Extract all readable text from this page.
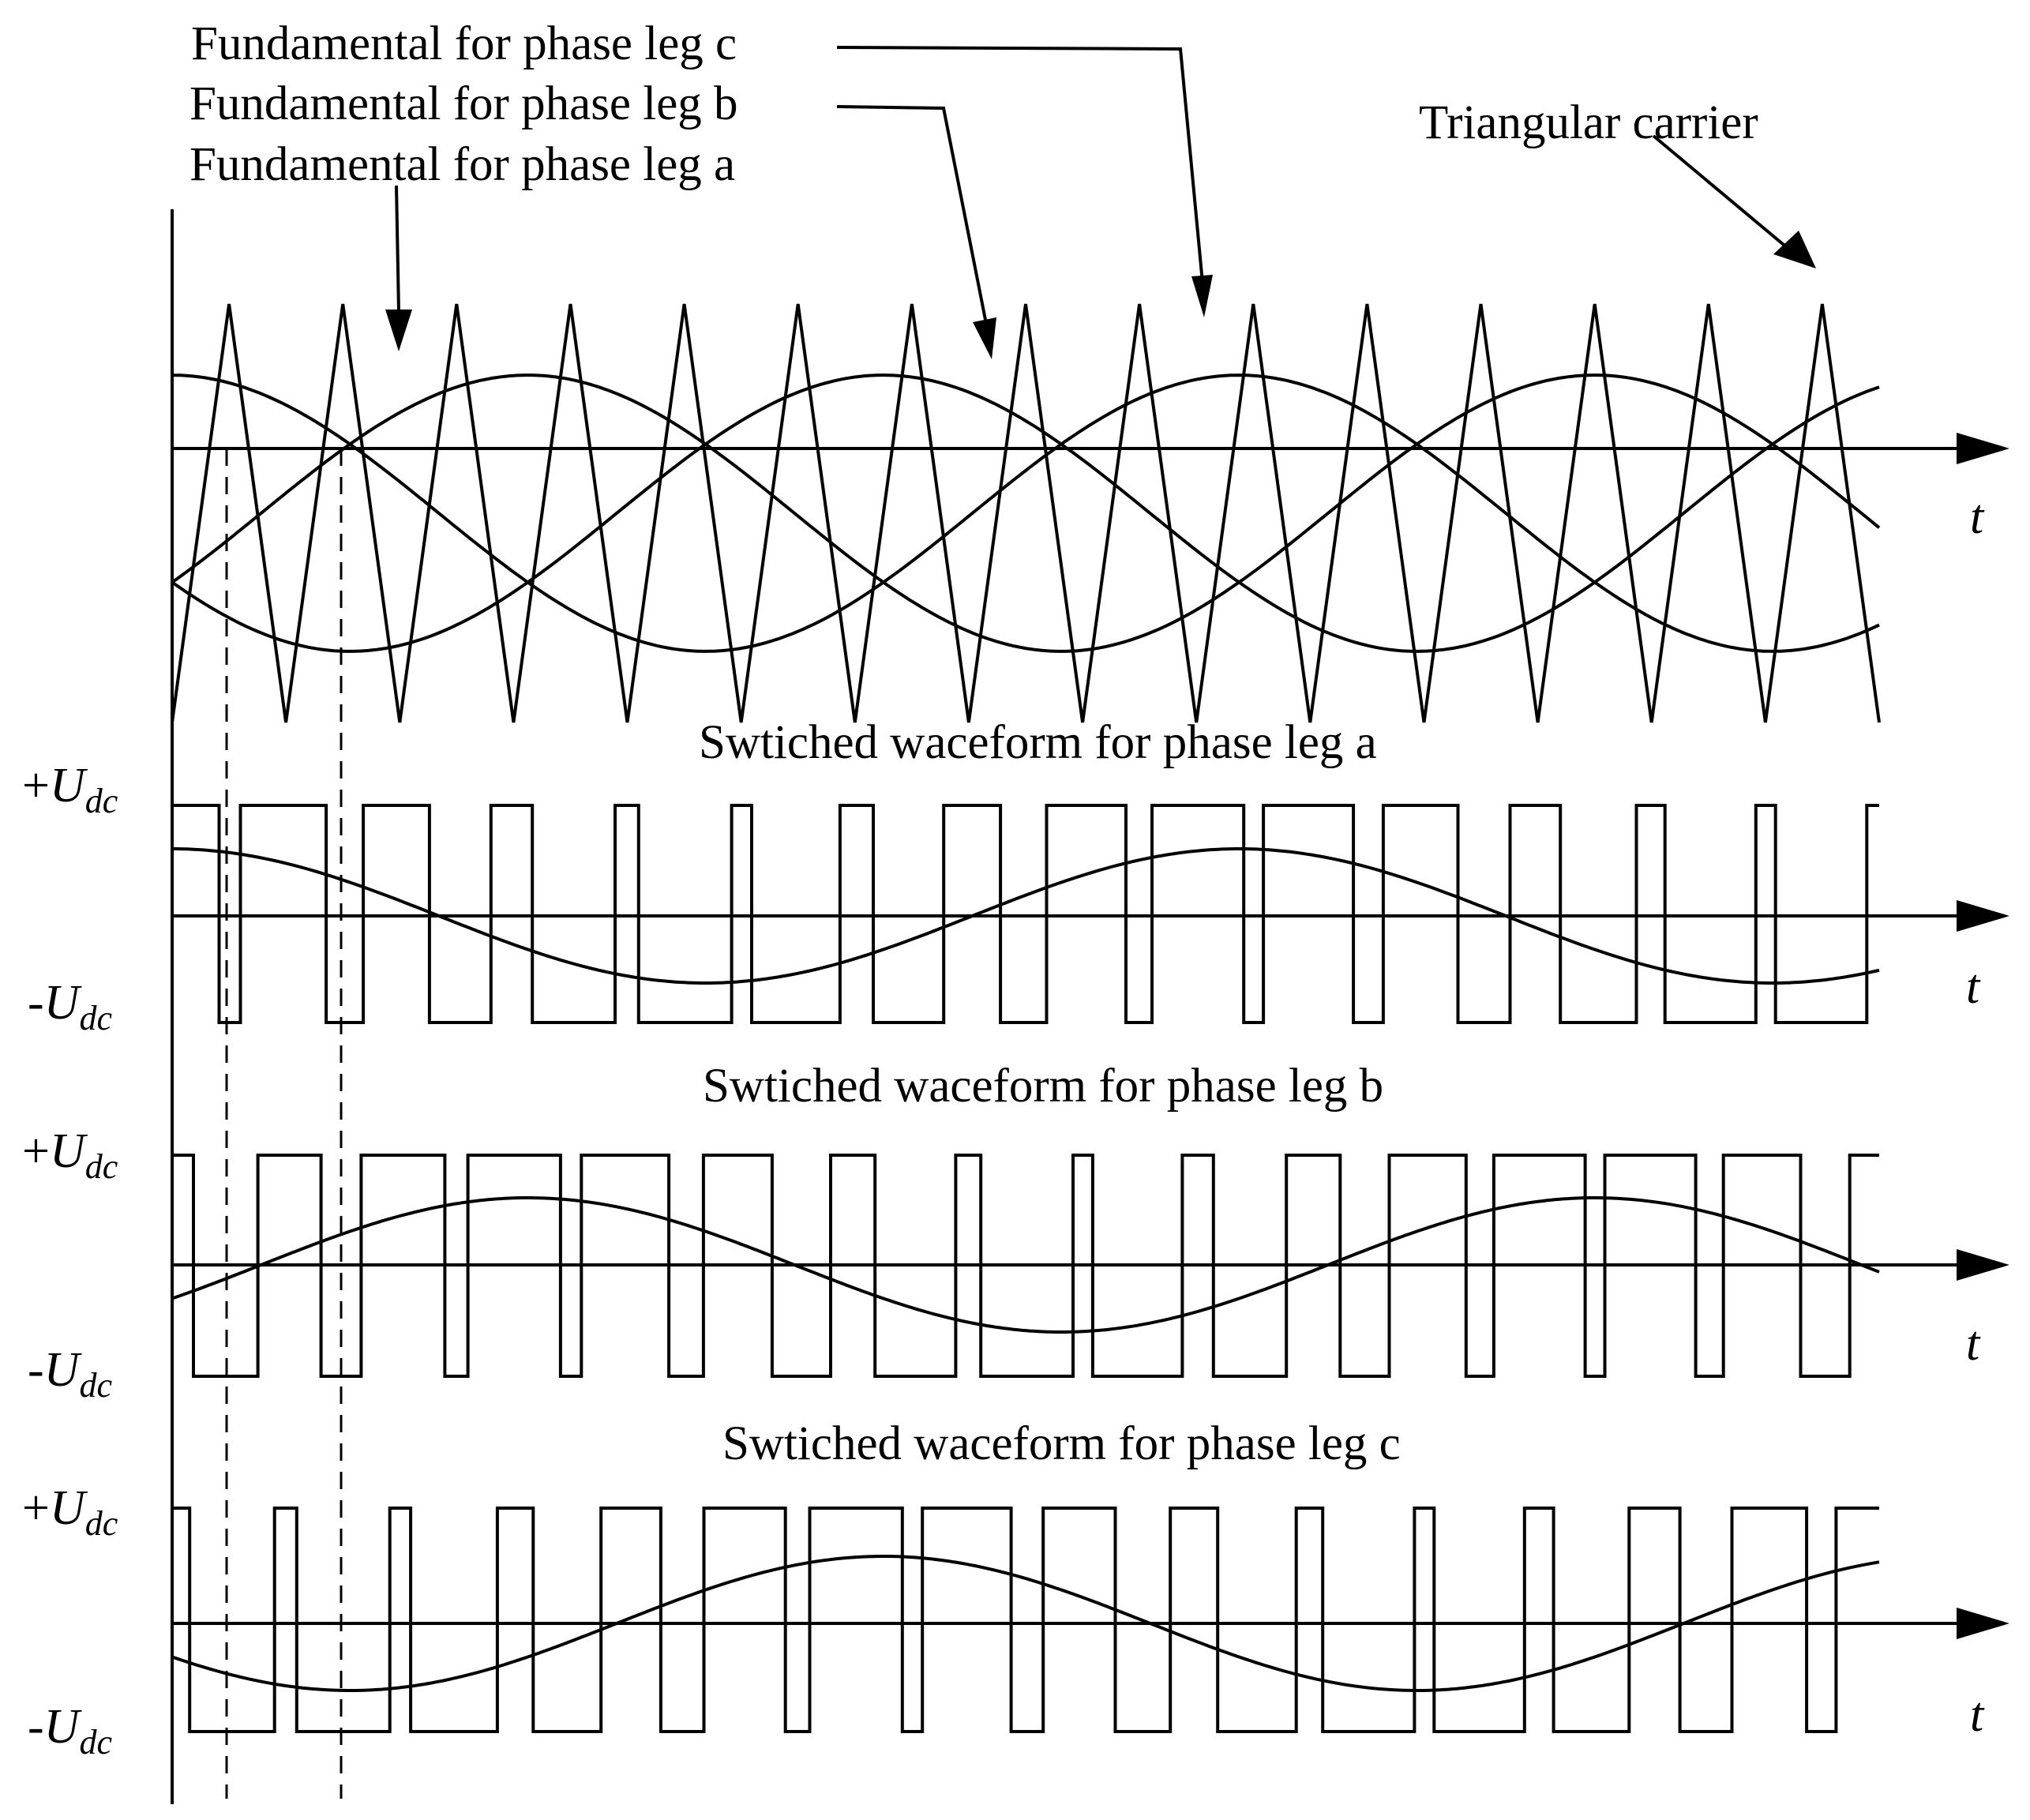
Fundamental for phase leg c
Fundamental for phase leg b
Fundamental for phase leg a
Triangular carrier
t
Swtiched waceform for phase leg a
$+U_{dc}$
$-U_{dc}$
t
Swtiched waceform for phase leg b
$+U_{dc}$
$-U_{dc}$
t
Swtiched waceform for phase leg c
$+U_{dc}$
$-U_{dc}$
t
